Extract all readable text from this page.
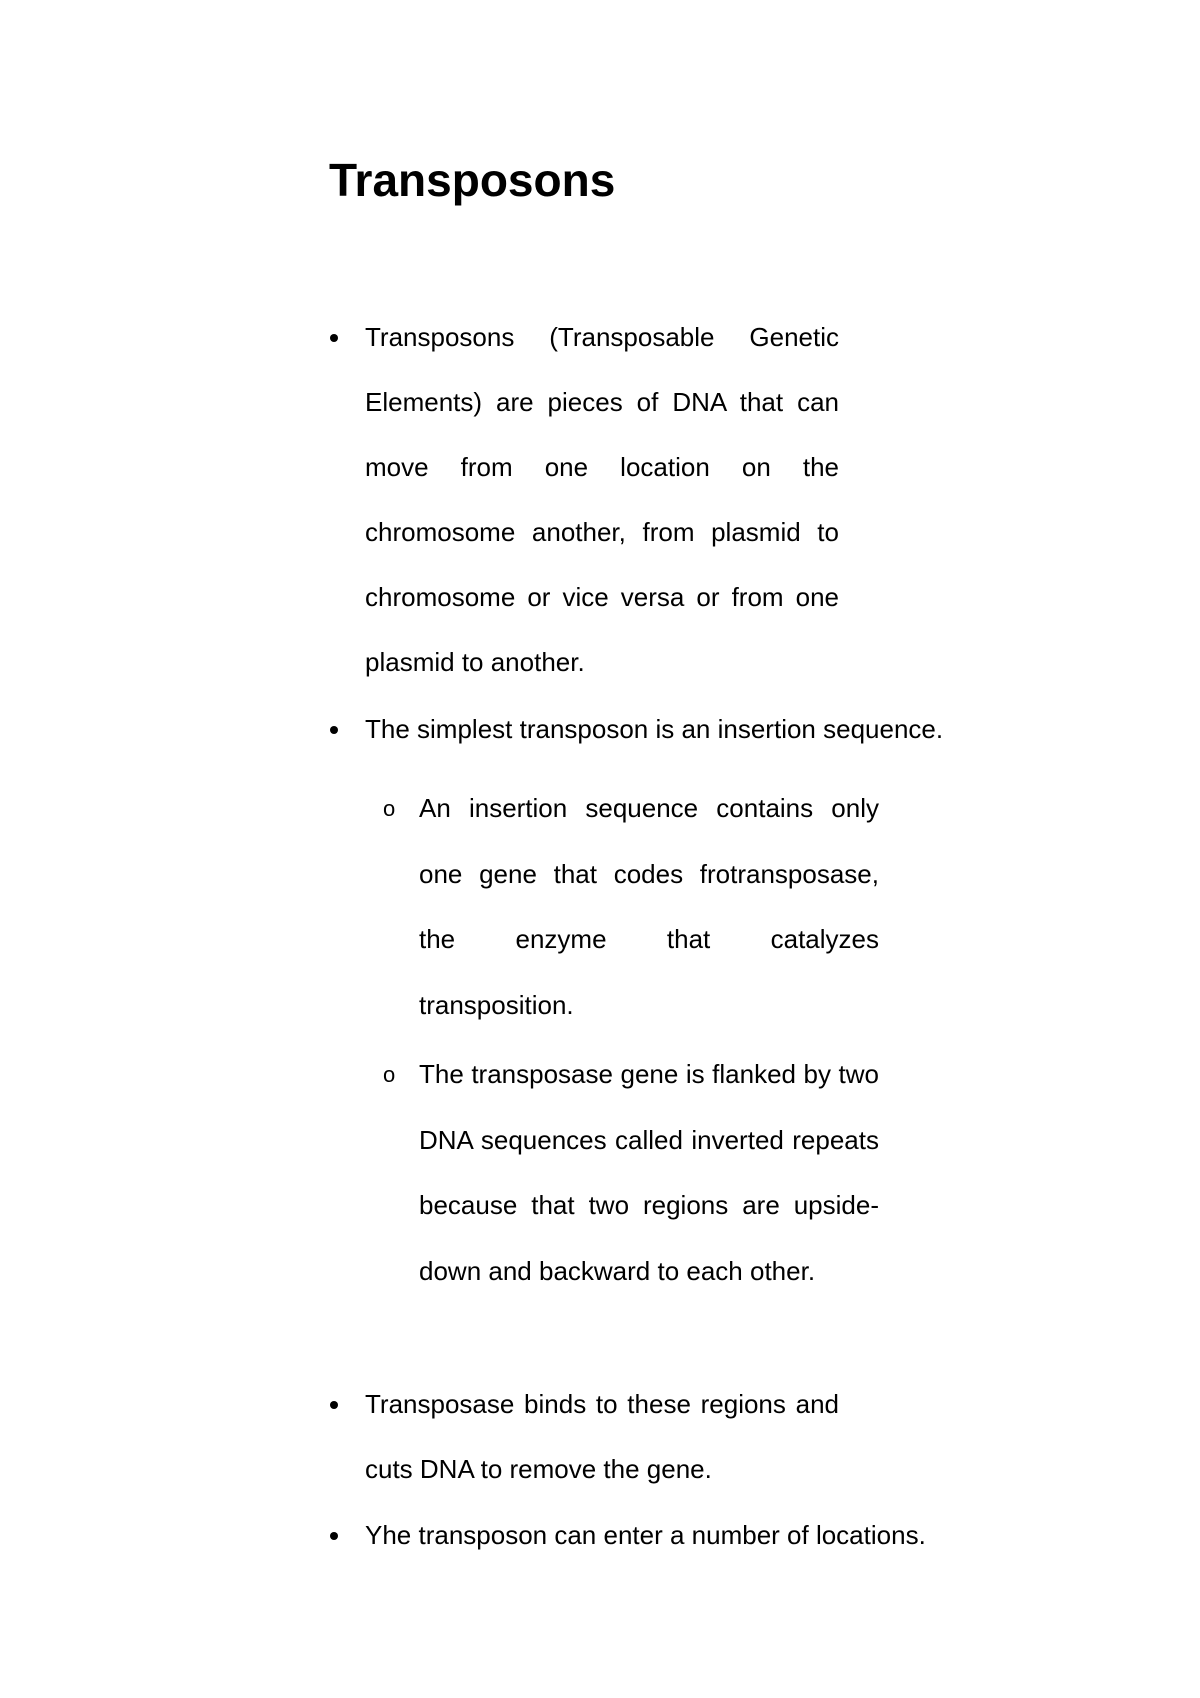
Transposons

Transposons (Transposable Genetic Elements) are pieces of DNA that can move from one location on the chromosome another, from plasmid to chromosome or vice versa or from one plasmid to another.

The simplest transposon is an insertion sequence.

o An insertion sequence contains only one gene that codes frotransposase, the enzyme that catalyzes transposition.

o The transposase gene is flanked by two DNA sequences called inverted repeats because that two regions are upside-down and backward to each other.

Transposase binds to these regions and cuts DNA to remove the gene.

Yhe transposon can enter a number of locations.
